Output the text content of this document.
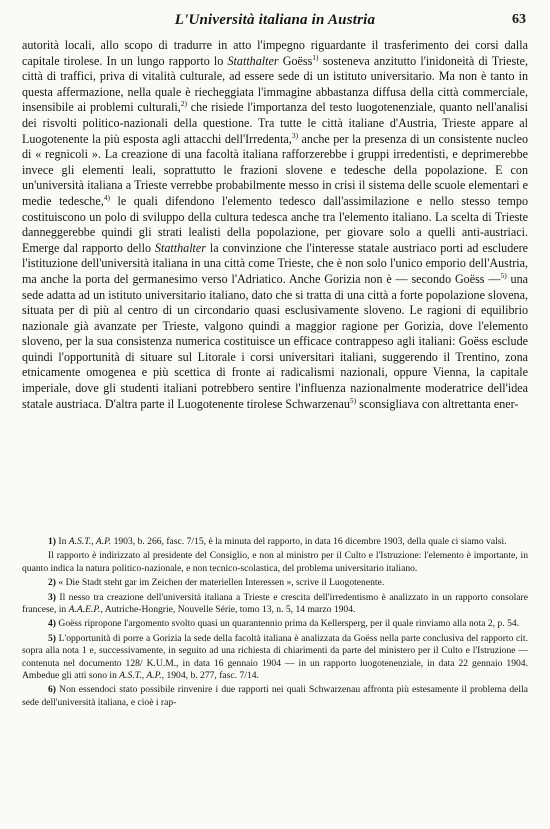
L'Università italiana in Austria	63

autorità locali, allo scopo di tradurre in atto l'impegno riguardante il trasferimento dei corsi dalla capitale tirolese. In un lungo rapporto lo Statthalter Goëss$^{1)}$ sosteneva anzitutto l'inidoneità di Trieste, città di traffici, priva di vitalità culturale, ad essere sede di un istituto universitario. Ma non è tanto in questa affermazione, nella quale è riecheggiata l'immagine abbastanza diffusa della città commerciale, insensibile ai problemi culturali,$^{2)}$ che risiede l'importanza del testo luogotenenziale, quanto nell'analisi dei risvolti politico-nazionali della questione. Tra tutte le città italiane d'Austria, Trieste appare al Luogotenente la più esposta agli attacchi dell'Irredenta,$^{3)}$ anche per la presenza di un consistente nucleo di « regnicoli ». La creazione di una facoltà italiana rafforzerebbe i gruppi irredentisti, e deprimerebbe invece gli elementi leali, soprattutto le frazioni slovene e tedesche della popolazione. E con un'università italiana a Trieste verrebbe probabilmente messo in crisi il sistema delle scuole elementari e medie tedesche,$^{4)}$ le quali difendono l'elemento tedesco dall'assimilazione e nello stesso tempo costituiscono un polo di sviluppo della cultura tedesca anche tra l'elemento italiano. La scelta di Trieste danneggerebbe quindi gli strati lealisti della popolazione, per giovare solo a quelli anti-austriaci. Emerge dal rapporto dello Statthalter la convinzione che l'interesse statale austriaco porti ad escludere l'istituzione dell'università italiana in una città come Trieste, che è non solo l'unico emporio dell'Austria, ma anche la porta del germanesimo verso l'Adriatico. Anche Gorizia non è — secondo Goëss —$^{5)}$ una sede adatta ad un istituto universitario italiano, dato che si tratta di una città a forte popolazione slovena, situata per di più al centro di un circondario quasi esclusivamente sloveno. Le ragioni di equilibrio nazionale già avanzate per Trieste, valgono quindi a maggior ragione per Gorizia, dove l'elemento sloveno, per la sua consistenza numerica costituisce un efficace contrappeso agli italiani: Goëss esclude quindi l'opportunità di situare sul Litorale i corsi universitari italiani, suggerendo il Trentino, zona etnicamente omogenea e più scettica di fronte ai radicalismi nazionali, oppure Vienna, la capitale imperiale, dove gli studenti italiani potrebbero sentire l'influenza nazionalmente moderatrice dell'idea statale austriaca. D'altra parte il Luogotenente tirolese Schwarzenau$^{5)}$ sconsigliava con altrettanta ener-

1) In A.S.T., A.P. 1903, b. 266, fasc. 7/15, è la minuta del rapporto, in data 16 dicembre 1903, della quale ci siamo valsi.

Il rapporto è indirizzato al presidente del Consiglio, e non al ministro per il Culto e l'Istruzione: l'elemento è importante, in quanto indica la natura politico-nazionale, e non tecnico-scolastica, del problema universitario italiano.

2) « Die Stadt steht gar im Zeichen der materiellen Interessen », scrive il Luogotenente.

3) Il nesso tra creazione dell'università italiana a Trieste e crescita dell'irredentismo è analizzato in un rapporto consolare francese, in A.A.E.P., Autriche-Hongrie, Nouvelle Série, tomo 13, n. 5, 14 marzo 1904.

4) Goëss ripropone l'argomento svolto quasi un quarantennio prima da Kellersperg, per il quale rinviamo alla nota 2, p. 54.

5) L'opportunità di porre a Gorizia la sede della facoltà italiana è analizzata da Goëss nella parte conclusiva del rapporto cit. sopra alla nota 1 e, successivamente, in seguito ad una richiesta di chiarimenti da parte del ministero per il Culto e l'Istruzione — contenuta nel documento 128/ K.U.M., in data 16 gennaio 1904 — in un rapporto luogotenenziale, in data 22 gennaio 1904. Ambedue gli atti sono in A.S.T., A.P., 1904, b. 277, fasc. 7/14.

6) Non essendoci stato possibile rinvenire i due rapporti nei quali Schwarzenau affronta più estesamente il problema della sede dell'università italiana, e cioè i rap-
